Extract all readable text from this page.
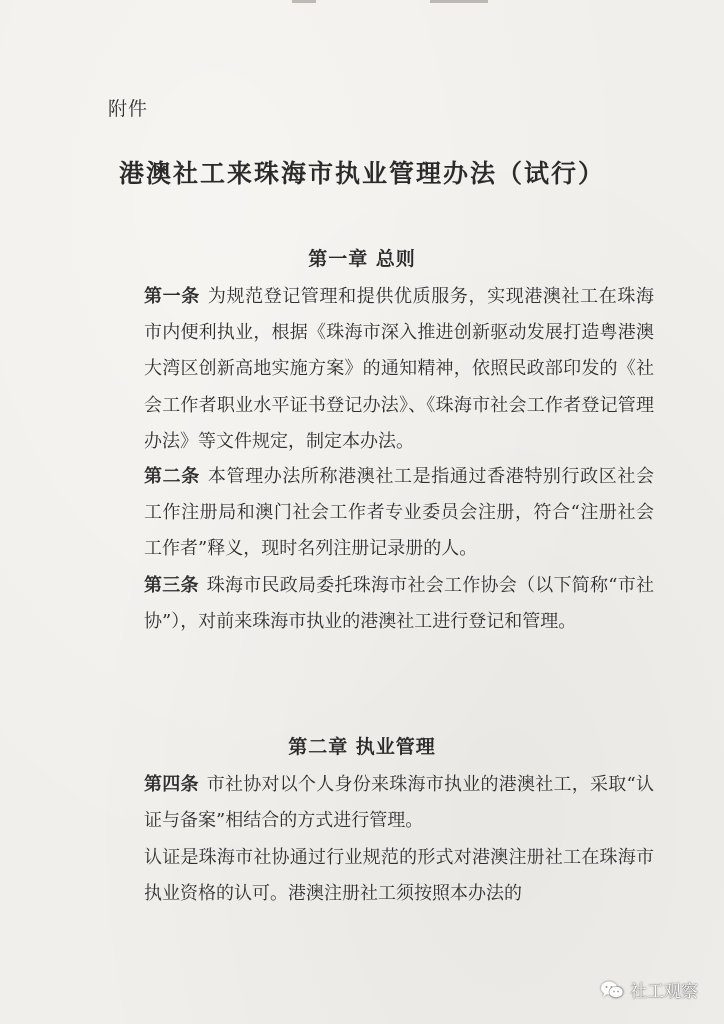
附件
港澳社工来珠海市执业管理办法（试行）
第一章 总则
第一条 为规范登记管理和提供优质服务，实现港澳社工在珠海市内便利执业，根据《珠海市深入推进创新驱动发展打造粤港澳大湾区创新高地实施方案》的通知精神，依照民政部印发的《社会工作者职业水平证书登记办法》、《珠海市社会工作者登记管理办法》等文件规定，制定本办法。
第二条 本管理办法所称港澳社工是指通过香港特别行政区社会工作注册局和澳门社会工作者专业委员会注册，符合“注册社会工作者”释义，现时名列注册记录册的人。
第三条 珠海市民政局委托珠海市社会工作协会（以下简称“市社协”），对前来珠海市执业的港澳社工进行登记和管理。
第二章 执业管理
第四条 市社协对以个人身份来珠海市执业的港澳社工，采取“认证与备案”相结合的方式进行管理。
认证是珠海市社协通过行业规范的形式对港澳注册社工在珠海市执业资格的认可。港澳注册社工须按照本办法的
社工观察
